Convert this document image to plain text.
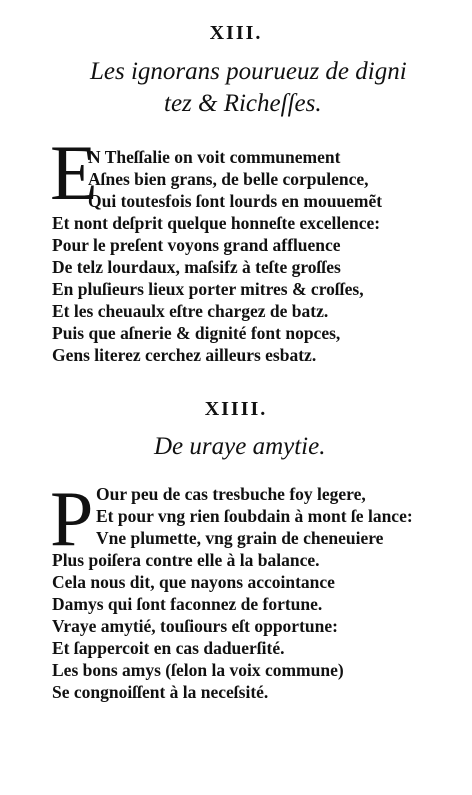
XIII.
Les ignorans pourueuz de digni
tez & Richeſſes.
E
N Theſſalie on voit communement
Aſnes bien grans, de belle corpulence,
Qui toutesfois ſont lourds en mouuemẽt
Et nont deſprit quelque honneſte excellence:
Pour le preſent voyons grand affluence
De telz lourdaux, maſsifz à teſte groſſes
En pluſieurs lieux porter mitres & croſſes,
Et les cheuaulx eſtre chargez de batz.
Puis que aſnerie & dignité font nopces,
Gens literez cerchez ailleurs esbatz.
XIIII.
De uraye amytie.
P Our peu de cas tresbuche foy legere,
Et pour vng rien ſoubdain à mont ſe lance:
Vne plumette, vng grain de cheneuiere
Plus poiſera contre elle à la balance.
Cela nous dit, que nayons accointance
Damys qui ſont faconnez de fortune.
Vraye amytié, touſiours eſt opportune:
Et ſappercoit en cas daduerſité.
Les bons amys (ſelon la voix commune)
Se congnoiſſent à la neceſsité.
